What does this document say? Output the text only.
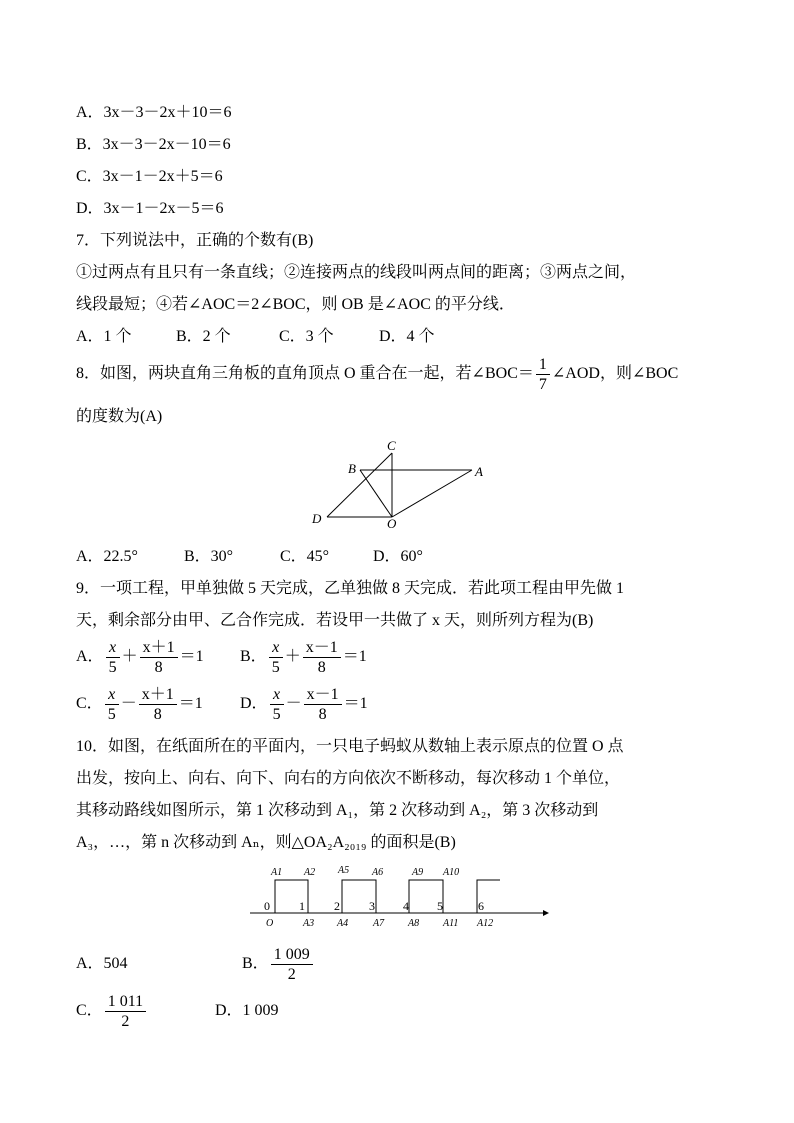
A．3x－3－2x＋10＝6
B．3x－3－2x－10＝6
C．3x－1－2x＋5＝6
D．3x－1－2x－5＝6
7．下列说法中，正确的个数有(B)
①过两点有且只有一条直线；②连接两点的线段叫两点间的距离；③两点之间，
线段最短；④若∠AOC＝2∠BOC，则 OB 是∠AOC 的平分线．
A．1 个	B．2 个	C．3 个	D．4 个
8．如图，两块直角三角板的直角顶点 O 重合在一起，若∠BOC＝ $\frac{1}{7}$ ∠AOD，则∠BOC
的度数为(A)
C
B	A
D	O
A．22.5°	B．30°	C．45°	D．60°
9．一项工程，甲单独做 5 天完成，乙单独做 8 天完成．若此项工程由甲先做 1
天，剩余部分由甲、乙合作完成．若设甲一共做了 x 天，则所列方程为(B)
A． $\frac{x}{5} + \frac{x+1}{8} =1$ B． $\frac{x}{5} + \frac{x-1}{8} =1$
C． $\frac{x}{5} - \frac{x+1}{8} =1$ D． $\frac{x}{5} - \frac{x-1}{8} =1$
10．如图，在纸面所在的平面内，一只电子蚂蚁从数轴上表示原点的位置 O 点
出发，按向上、向右、向下、向右的方向依次不断移动，每次移动 1 个单位，
其移动路线如图所示，第 1 次移动到 A₁，第 2 次移动到 A₂，第 3 次移动到
A₃，…，第 n 次移动到 Aₙ，则△OA₂A₂₀₁₉ 的面积是(B)
0 1 2 3 4 5	6
A1 A2 A5 A6	A9 A10
O	A3 A4 A7 A8 A11 A12
A．504	B． $\frac{1 009}{2}$
C． $\frac{1 011}{2}$	D．1 009
